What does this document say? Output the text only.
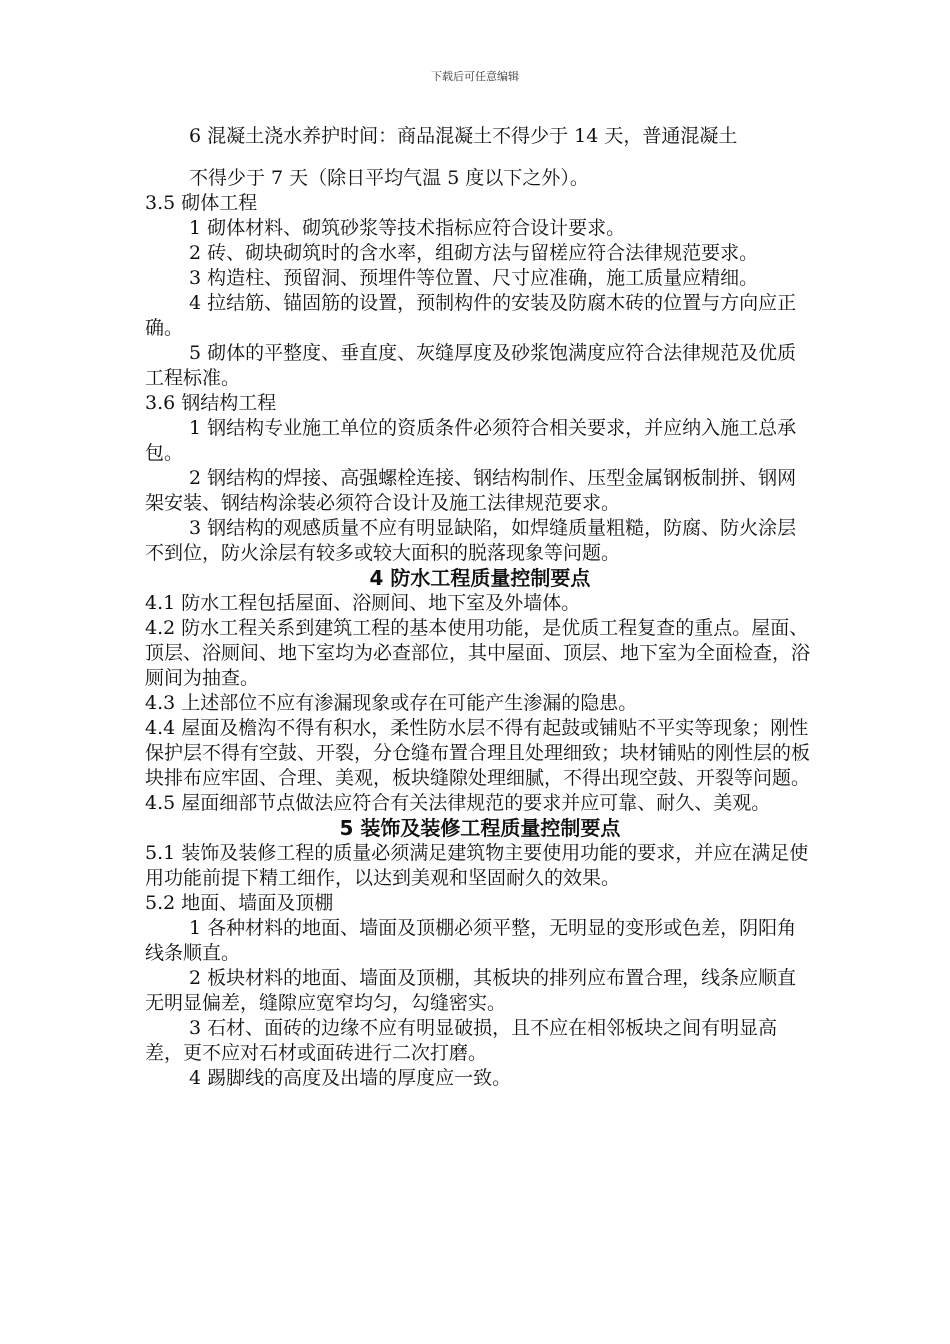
下载后可任意编辑

6 混凝土浇水养护时间：商品混凝土不得少于 14 天，普通混凝土

不得少于 7 天（除日平均气温 5 度以下之外）。

3.5 砌体工程

1 砌体材料、砌筑砂浆等技术指标应符合设计要求。

2 砖、砌块砌筑时的含水率，组砌方法与留槎应符合法律规范要求。

3 构造柱、预留洞、预埋件等位置、尺寸应准确，施工质量应精细。

4 拉结筋、锚固筋的设置，预制构件的安装及防腐木砖的位置与方向应正确。

5 砌体的平整度、垂直度、灰缝厚度及砂浆饱满度应符合法律规范及优质工程标准。

3.6 钢结构工程

1 钢结构专业施工单位的资质条件必须符合相关要求，并应纳入施工总承包。

2 钢结构的焊接、高强螺栓连接、钢结构制作、压型金属钢板制拼、钢网架安装、钢结构涂装必须符合设计及施工法律规范要求。

3 钢结构的观感质量不应有明显缺陷，如焊缝质量粗糙，防腐、防火涂层不到位，防火涂层有较多或较大面积的脱落现象等问题。

4 防水工程质量控制要点

4.1 防水工程包括屋面、浴厕间、地下室及外墙体。

4.2 防水工程关系到建筑工程的基本使用功能，是优质工程复查的重点。屋面、顶层、浴厕间、地下室均为必查部位，其中屋面、顶层、地下室为全面检查，浴厕间为抽查。

4.3 上述部位不应有渗漏现象或存在可能产生渗漏的隐患。

4.4 屋面及檐沟不得有积水，柔性防水层不得有起鼓或铺贴不平实等现象；刚性保护层不得有空鼓、开裂，分仓缝布置合理且处理细致；块材铺贴的刚性层的板块排布应牢固、合理、美观，板块缝隙处理细腻，不得出现空鼓、开裂等问题。

4.5 屋面细部节点做法应符合有关法律规范的要求并应可靠、耐久、美观。

5 装饰及装修工程质量控制要点

5.1 装饰及装修工程的质量必须满足建筑物主要使用功能的要求，并应在满足使用功能前提下精工细作，以达到美观和坚固耐久的效果。

5.2 地面、墙面及顶棚

1 各种材料的地面、墙面及顶棚必须平整，无明显的变形或色差，阴阳角线条顺直。

2 板块材料的地面、墙面及顶棚，其板块的排列应布置合理，线条应顺直无明显偏差，缝隙应宽窄均匀，勾缝密实。

3 石材、面砖的边缘不应有明显破损，且不应在相邻板块之间有明显高差，更不应对石材或面砖进行二次打磨。

4 踢脚线的高度及出墙的厚度应一致。
